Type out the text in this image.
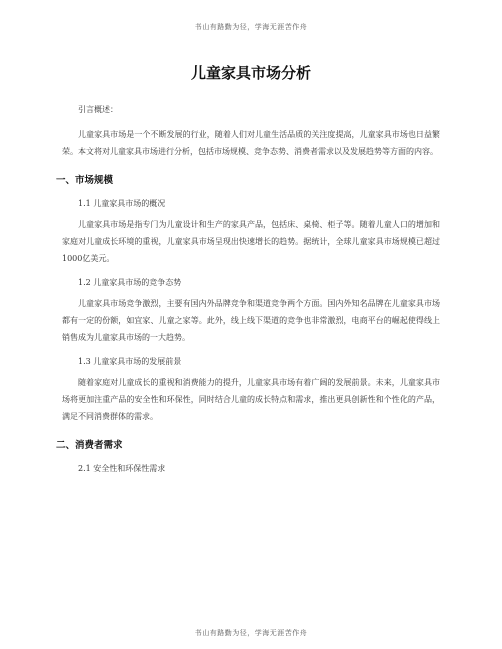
书山有路勤为径，学海无涯苦作舟
儿童家具市场分析

引言概述：

儿童家具市场是一个不断发展的行业，随着人们对儿童生活品质的关注度提高，儿童家具市场也日益繁荣。本文将对儿童家具市场进行分析，包括市场规模、竞争态势、消费者需求以及发展趋势等方面的内容。

一、市场规模
1.1 儿童家具市场的概况

儿童家具市场是指专门为儿童设计和生产的家具产品，包括床、桌椅、柜子等。随着儿童人口的增加和家庭对儿童成长环境的重视，儿童家具市场呈现出快速增长的趋势。据统计，全球儿童家具市场规模已超过1000亿美元。

1.2 儿童家具市场的竞争态势

儿童家具市场竞争激烈，主要有国内外品牌竞争和渠道竞争两个方面。国内外知名品牌在儿童家具市场都有一定的份额，如宜家、儿童之家等。此外，线上线下渠道的竞争也非常激烈，电商平台的崛起使得线上销售成为儿童家具市场的一大趋势。

1.3 儿童家具市场的发展前景

随着家庭对儿童成长的重视和消费能力的提升，儿童家具市场有着广阔的发展前景。未来，儿童家具市场将更加注重产品的安全性和环保性，同时结合儿童的成长特点和需求，推出更具创新性和个性化的产品，满足不同消费群体的需求。

二、消费者需求
2.1 安全性和环保性需求
书山有路勤为径，学海无涯苦作舟
